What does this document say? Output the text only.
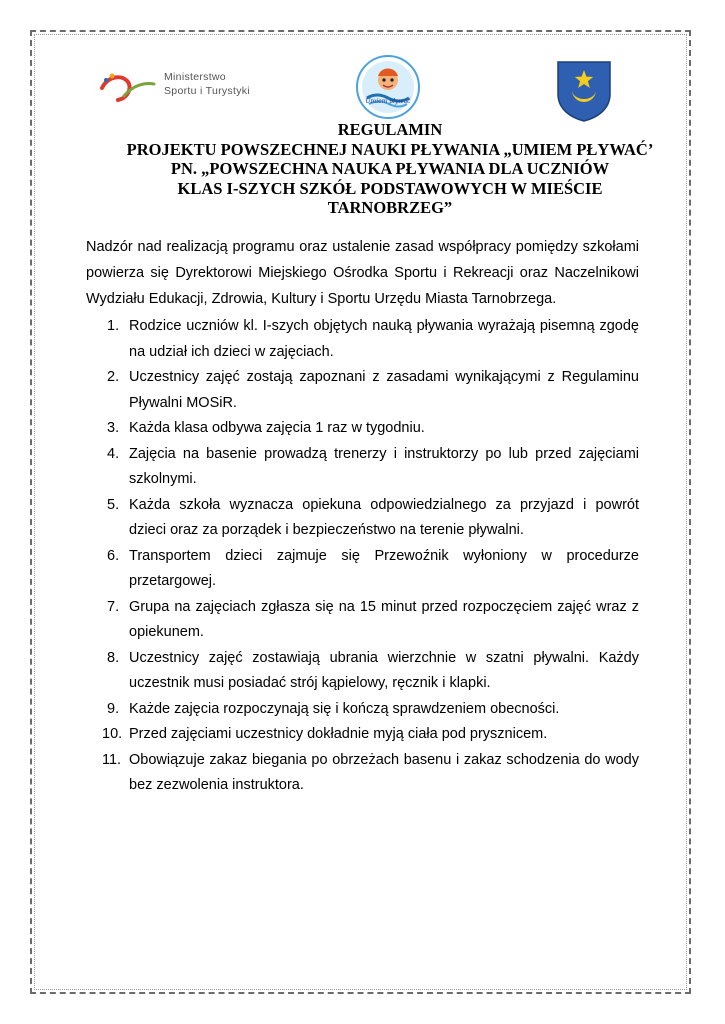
Ministerstwo
Sportu i Turystyki
Umiem pływać
REGULAMIN
PROJEKTU POWSZECHNEJ NAUKI PŁYWANIA „UMIEM PŁYWAĆ’
PN. „POWSZECHNA NAUKA PŁYWANIA DLA UCZNIÓW
KLAS I-SZYCH SZKÓŁ PODSTAWOWYCH W MIEŚCIE
TARNOBRZEG”
Nadzór nad realizacją programu oraz ustalenie zasad współpracy pomiędzy szkołami powierza się Dyrektorowi Miejskiego Ośrodka Sportu i Rekreacji oraz Naczelnikowi Wydziału Edukacji, Zdrowia, Kultury i Sportu Urzędu Miasta Tarnobrzega.
1. Rodzice uczniów kl. I-szych objętych nauką pływania wyrażają pisemną zgodę na udział ich dzieci w zajęciach.
2. Uczestnicy zajęć zostają zapoznani z zasadami wynikającymi z Regulaminu Pływalni MOSiR.
3. Każda klasa odbywa zajęcia 1 raz w tygodniu.
4. Zajęcia na basenie prowadzą trenerzy i instruktorzy po lub przed zajęciami szkolnymi.
5. Każda szkoła wyznacza opiekuna odpowiedzialnego za przyjazd i powrót dzieci oraz za porządek i bezpieczeństwo na terenie pływalni.
6. Transportem dzieci zajmuje się Przewoźnik wyłoniony w procedurze przetargowej.
7. Grupa na zajęciach zgłasza się na 15 minut przed rozpoczęciem zajęć wraz z opiekunem.
8. Uczestnicy zajęć zostawiają ubrania wierzchnie w szatni pływalni. Każdy uczestnik musi posiadać strój kąpielowy, ręcznik i klapki.
9. Każde zajęcia rozpoczynają się i kończą sprawdzeniem obecności.
10. Przed zajęciami uczestnicy dokładnie myją ciała pod prysznicem.
11. Obowiązuje zakaz biegania po obrzeżach basenu i zakaz schodzenia do wody bez zezwolenia instruktora.
